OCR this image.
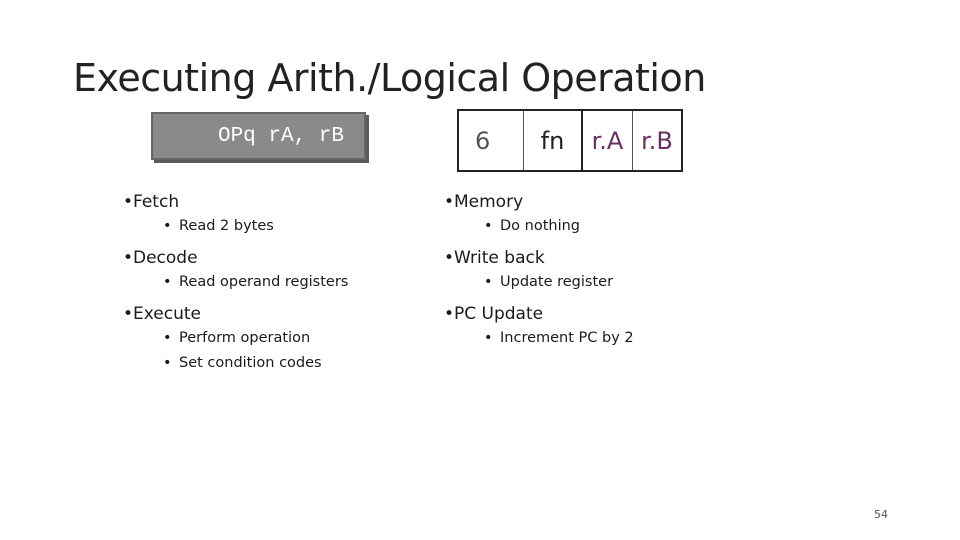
Executing Arith./Logical Operation
OPq rA, rB	6	fn	r.A r.B
•Fetch
• Read 2 bytes
•Decode
• Read operand registers
•Execute
• Perform operation
• Set condition codes
•Memory
• Do nothing
•Write back
• Update register
•PC Update
• Increment PC by 2
54
